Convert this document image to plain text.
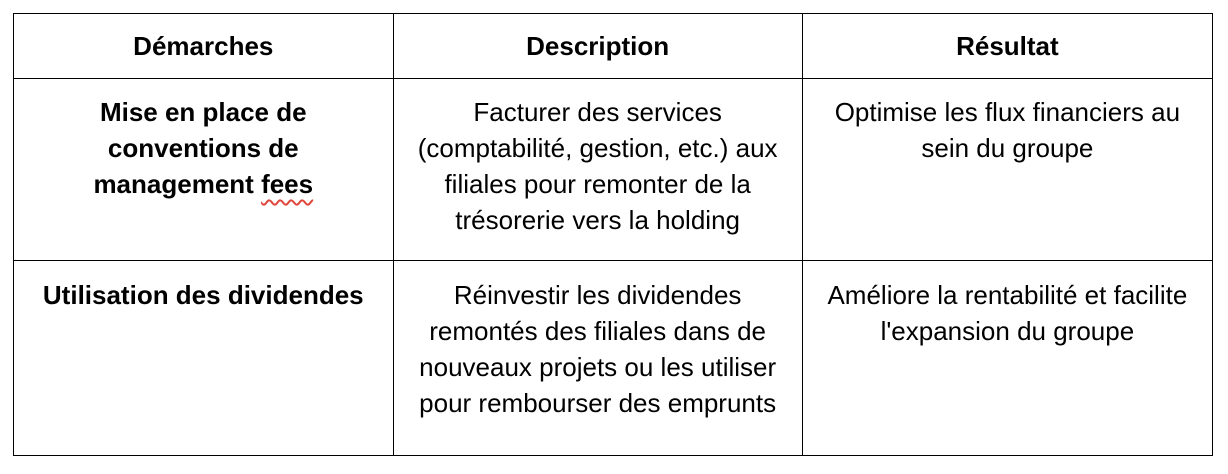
Démarches	Description	Résultat
Mise en place de conventions de management fees	Facturer des services (comptabilité, gestion, etc.) aux filiales pour remonter de la trésorerie vers la holding	Optimise les flux financiers au sein du groupe
Utilisation des dividendes	Réinvestir les dividendes remontés des filiales dans de nouveaux projets ou les utiliser pour rembourser des emprunts	Améliore la rentabilité et facilite l'expansion du groupe
